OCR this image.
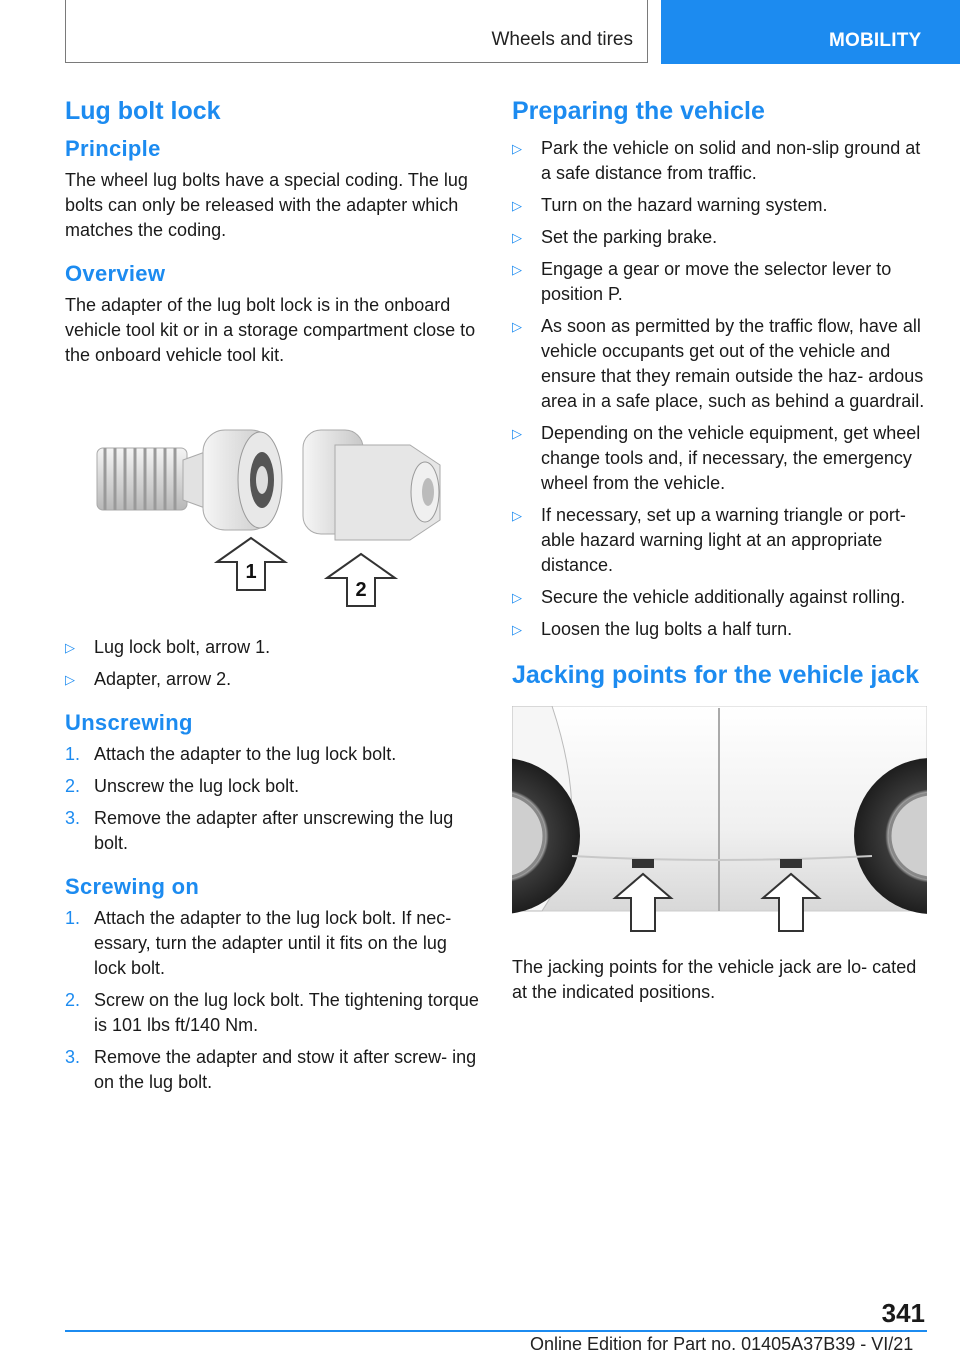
Wheels and tires	MOBILITY
Lug bolt lock
Principle

The wheel lug bolts have a special coding. The lug bolts can only be released with the adapter which matches the coding.

Overview

The adapter of the lug bolt lock is in the onboard vehicle tool kit or in a storage compartment close to the onboard vehicle tool kit.

1
2
▷ Lug lock bolt, arrow 1.
▷ Adapter, arrow 2.
Unscrewing
1. Attach the adapter to the lug lock bolt.
2. Unscrew the lug lock bolt.
3. Remove the adapter after unscrewing the lug bolt.
Screwing on
1. Attach the adapter to the lug lock bolt. If nec- essary, turn the adapter until it fits on the lug lock bolt.
2. Screw on the lug lock bolt. The tightening torque is 101 lbs ft/140 Nm.
3. Remove the adapter and stow it after screw- ing on the lug bolt.
Preparing the vehicle
▷ Park the vehicle on solid and non-slip ground at a safe distance from traffic.
▷ Turn on the hazard warning system.
▷ Set the parking brake.
▷ Engage a gear or move the selector lever to position P.
▷ As soon as permitted by the traffic flow, have all vehicle occupants get out of the vehicle and ensure that they remain outside the haz- ardous area in a safe place, such as behind a guardrail.
▷ Depending on the vehicle equipment, get wheel change tools and, if necessary, the emergency wheel from the vehicle.
▷ If necessary, set up a warning triangle or port- able hazard warning light at an appropriate distance.
▷ Secure the vehicle additionally against rolling.
▷ Loosen the lug bolts a half turn.
Jacking points for the vehicle jack

The jacking points for the vehicle jack are lo- cated at the indicated positions.

341
Online Edition for Part no. 01405A37B39 - VI/21
